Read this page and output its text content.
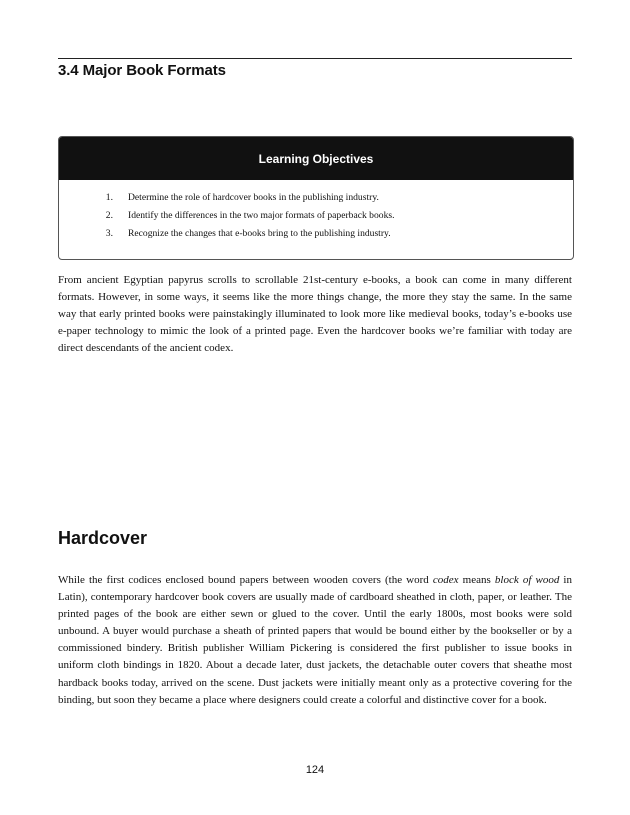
3.4 Major Book Formats
Learning Objectives
1. Determine the role of hardcover books in the publishing industry.
2. Identify the differences in the two major formats of paperback books.
3. Recognize the changes that e-books bring to the publishing industry.

From ancient Egyptian papyrus scrolls to scrollable 21st-century e-books, a book can come in many different formats. However, in some ways, it seems like the more things change, the more they stay the same. In the same way that early printed books were painstakingly illuminated to look more like medieval books, today’s e-books use e-paper technology to mimic the look of a printed page. Even the hardcover books we’re familiar with today are direct descendants of the ancient codex.

Hardcover

While the first codices enclosed bound papers between wooden covers (the word codex means block of wood in Latin), contemporary hardcover book covers are usually made of cardboard sheathed in cloth, paper, or leather. The printed pages of the book are either sewn or glued to the cover. Until the early 1800s, most books were sold unbound. A buyer would purchase a sheath of printed papers that would be bound either by the bookseller or by a commissioned bindery. British publisher William Pickering is considered the first publisher to issue books in uniform cloth bindings in 1820. About a decade later, dust jackets, the detachable outer covers that sheathe most hardback books today, arrived on the scene. Dust jackets were initially meant only as a protective covering for the binding, but soon they became a place where designers could create a colorful and distinctive cover for a book.

124
